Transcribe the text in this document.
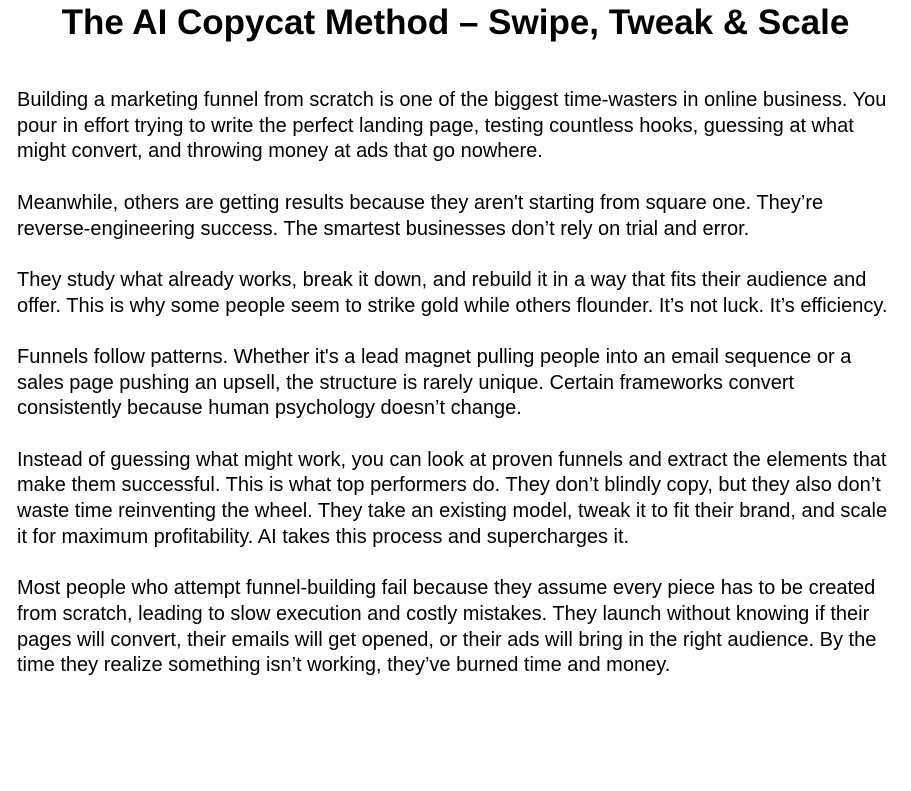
The AI Copycat Method – Swipe, Tweak & Scale

Building a marketing funnel from scratch is one of the biggest time-wasters in online business. You pour in effort trying to write the perfect landing page, testing countless hooks, guessing at what might convert, and throwing money at ads that go nowhere.

Meanwhile, others are getting results because they aren't starting from square one. They’re reverse-engineering success. The smartest businesses don’t rely on trial and error.

They study what already works, break it down, and rebuild it in a way that fits their audience and offer. This is why some people seem to strike gold while others flounder. It’s not luck. It’s efficiency.

Funnels follow patterns. Whether it's a lead magnet pulling people into an email sequence or a sales page pushing an upsell, the structure is rarely unique. Certain frameworks convert consistently because human psychology doesn’t change.

Instead of guessing what might work, you can look at proven funnels and extract the elements that make them successful. This is what top performers do. They don’t blindly copy, but they also don’t waste time reinventing the wheel. They take an existing model, tweak it to fit their brand, and scale it for maximum profitability. AI takes this process and supercharges it.

Most people who attempt funnel-building fail because they assume every piece has to be created from scratch, leading to slow execution and costly mistakes. They launch without knowing if their pages will convert, their emails will get opened, or their ads will bring in the right audience. By the time they realize something isn’t working, they’ve burned time and money.
